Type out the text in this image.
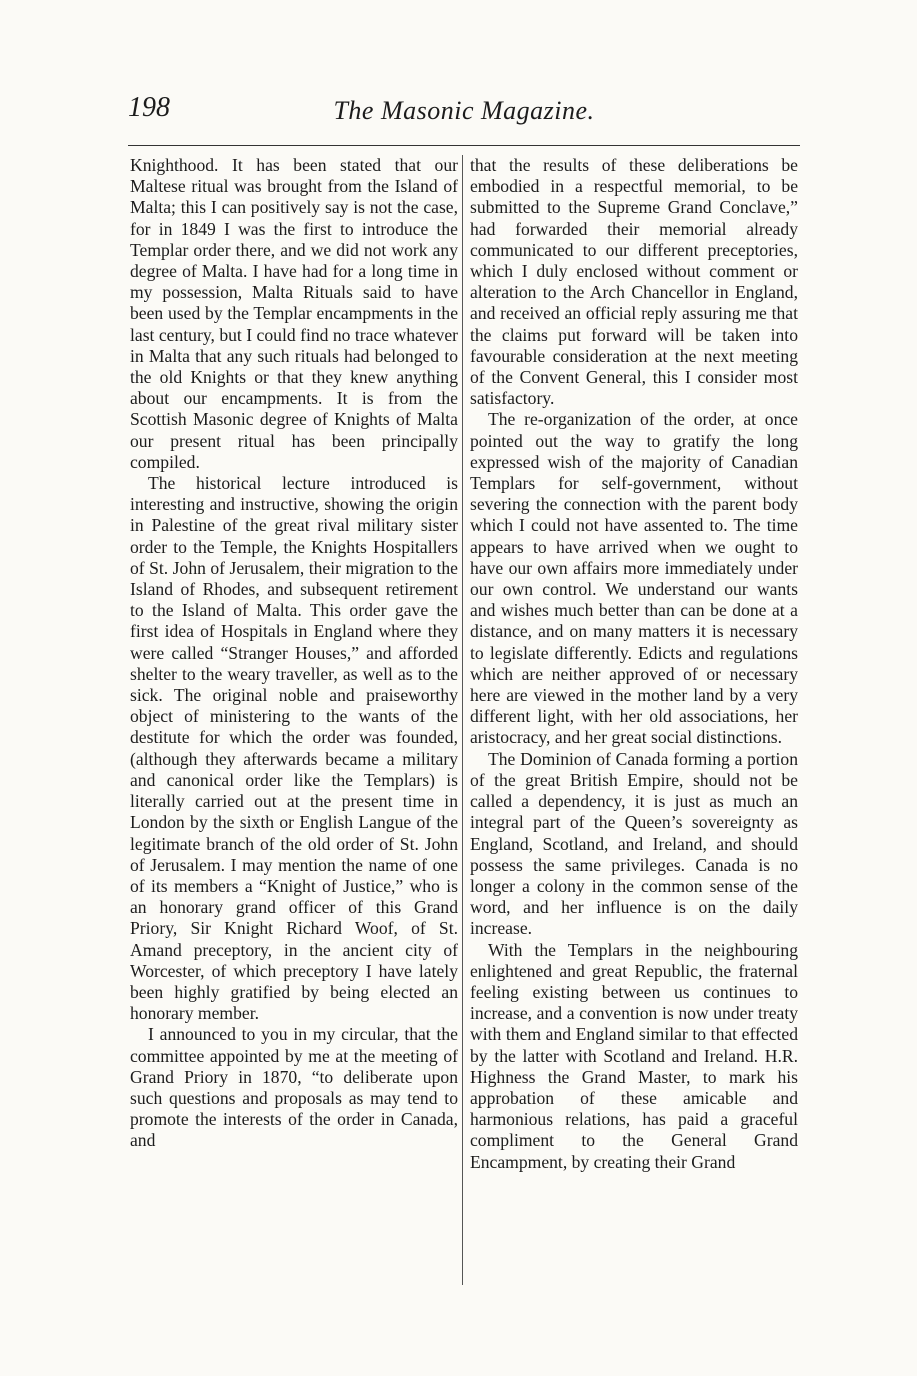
198	The Masonic Magazine.

Knighthood. It has been stated that our Maltese ritual was brought from the Island of Malta; this I can positively say is not the case, for in 1849 I was the first to introduce the Templar order there, and we did not work any degree of Malta. I have had for a long time in my possession, Malta Rituals said to have been used by the Templar encampments in the last century, but I could find no trace whatever in Malta that any such rituals had belonged to the old Knights or that they knew anything about our encampments. It is from the Scottish Masonic degree of Knights of Malta our present ritual has been principally compiled.

The historical lecture introduced is interesting and instructive, showing the origin in Palestine of the great rival military sister order to the Temple, the Knights Hospitallers of St. John of Jerusalem, their migration to the Island of Rhodes, and subsequent retirement to the Island of Malta. This order gave the first idea of Hospitals in England where they were called “Stranger Houses,” and afforded shelter to the weary traveller, as well as to the sick. The original noble and praiseworthy object of ministering to the wants of the destitute for which the order was founded, (although they afterwards became a military and canonical order like the Templars) is literally carried out at the present time in London by the sixth or English Langue of the legitimate branch of the old order of St. John of Jerusalem. I may mention the name of one of its members a “Knight of Justice,” who is an honorary grand officer of this Grand Priory, Sir Knight Richard Woof, of St. Amand preceptory, in the ancient city of Worcester, of which preceptory I have lately been highly gratified by being elected an honorary member.

I announced to you in my circular, that the committee appointed by me at the meeting of Grand Priory in 1870, “to deliberate upon such questions and proposals as may tend to promote the interests of the order in Canada, and

that the results of these deliberations be embodied in a respectful memorial, to be submitted to the Supreme Grand Conclave,” had forwarded their memorial already communicated to our different preceptories, which I duly enclosed without comment or alteration to the Arch Chancellor in England, and received an official reply assuring me that the claims put forward will be taken into favourable consideration at the next meeting of the Convent General, this I consider most satisfactory.

The re-organization of the order, at once pointed out the way to gratify the long expressed wish of the majority of Canadian Templars for self-government, without severing the connection with the parent body which I could not have assented to. The time appears to have arrived when we ought to have our own affairs more immediately under our own control. We understand our wants and wishes much better than can be done at a distance, and on many matters it is necessary to legislate differently. Edicts and regulations which are neither approved of or necessary here are viewed in the mother land by a very different light, with her old associations, her aristocracy, and her great social distinctions.

The Dominion of Canada forming a portion of the great British Empire, should not be called a dependency, it is just as much an integral part of the Queen’s sovereignty as England, Scotland, and Ireland, and should possess the same privileges. Canada is no longer a colony in the common sense of the word, and her influence is on the daily increase.

With the Templars in the neighbouring enlightened and great Republic, the fraternal feeling existing between us continues to increase, and a convention is now under treaty with them and England similar to that effected by the latter with Scotland and Ireland. H.R. Highness the Grand Master, to mark his approbation of these amicable and harmonious relations, has paid a graceful compliment to the General Grand Encampment, by creating their Grand
